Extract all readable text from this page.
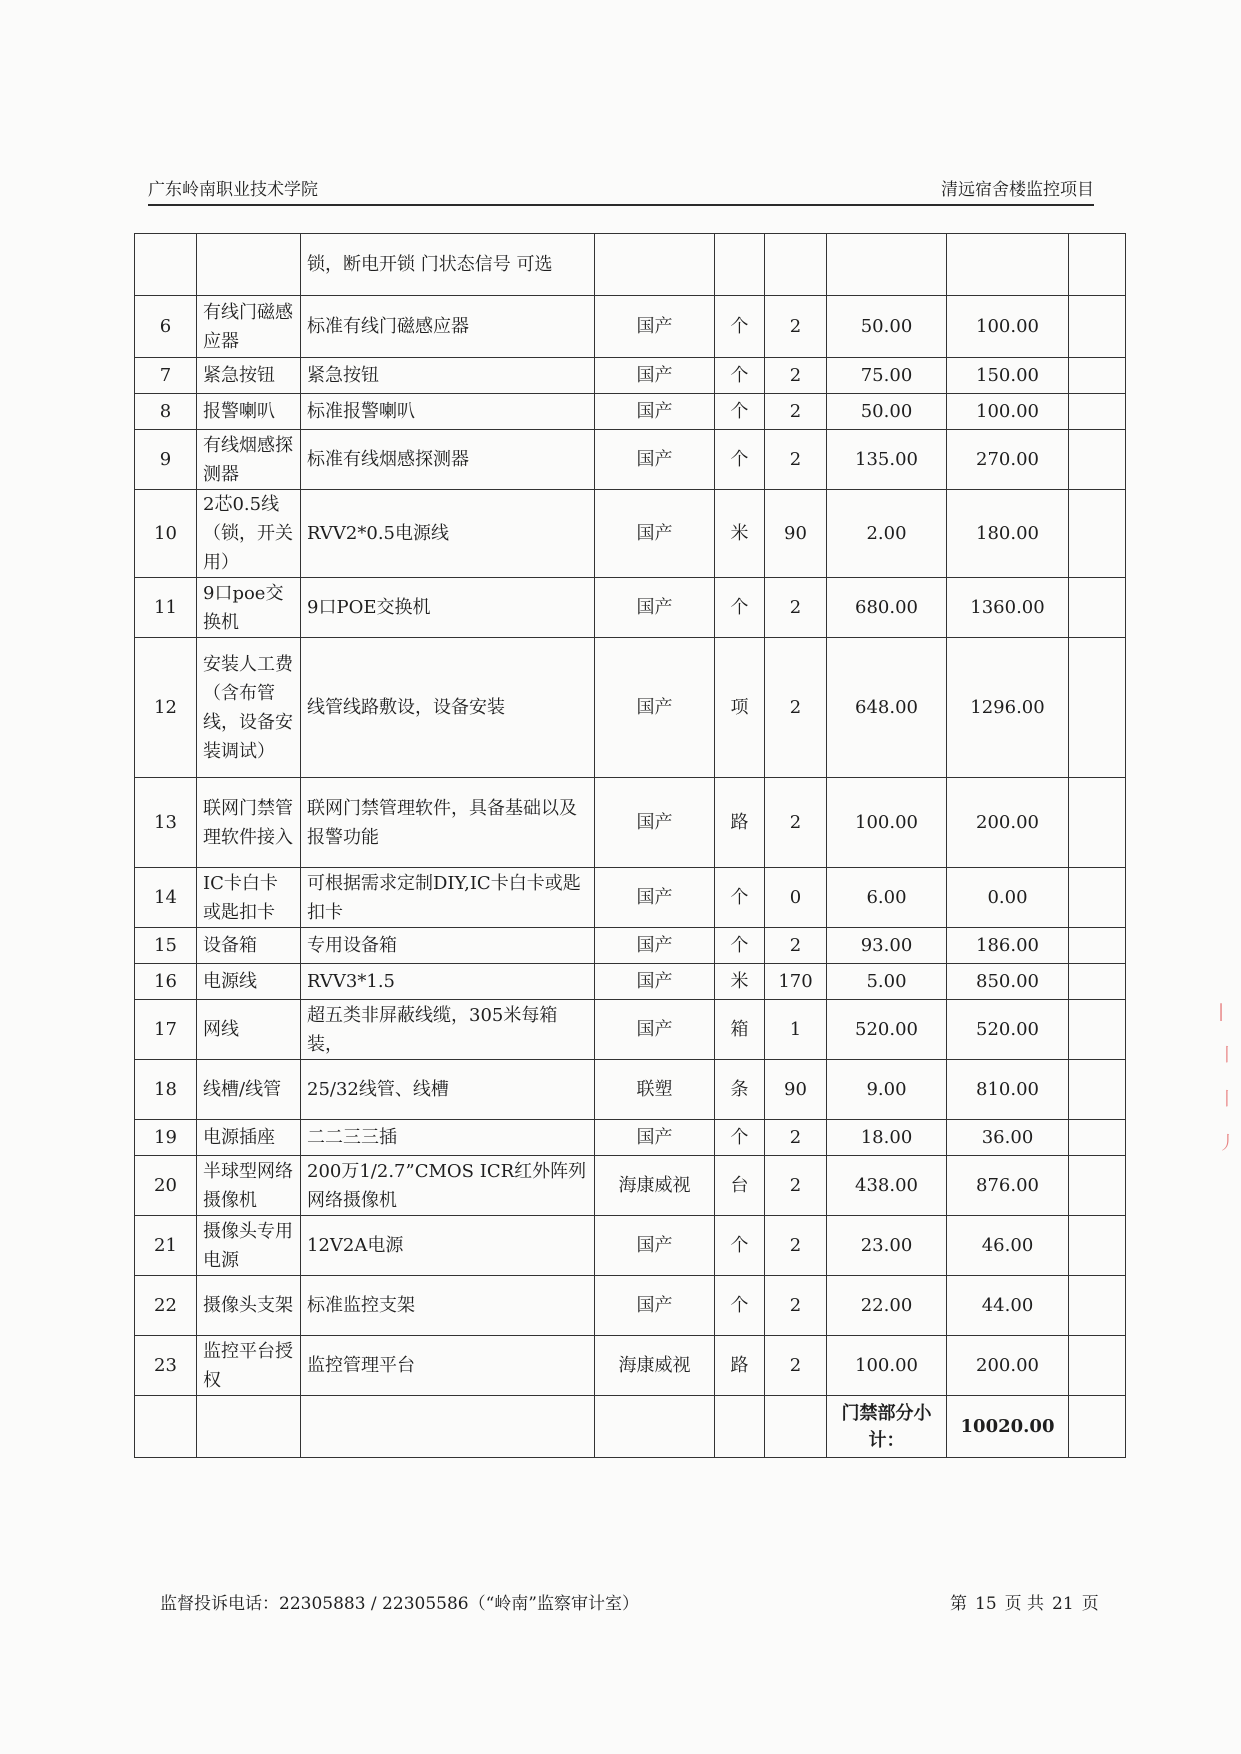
广东岭南职业技术学院	清远宿舍楼监控项目
		锁，断电开锁 门状态信号 可选						
6	有线门磁感应器	标准有线门磁感应器	国产	个	2	50.00	100.00	
7	紧急按钮	紧急按钮	国产	个	2	75.00	150.00	
8	报警喇叭	标准报警喇叭	国产	个	2	50.00	100.00	
9	有线烟感探测器	标准有线烟感探测器	国产	个	2	135.00	270.00	
10	2芯0.5线（锁，开关用）	RVV2*0.5电源线	国产	米	90	2.00	180.00	
11	9口poe交换机	9口POE交换机	国产	个	2	680.00	1360.00	
12	安装人工费（含布管线，设备安装调试）	线管线路敷设，设备安装	国产	项	2	648.00	1296.00	
13	联网门禁管理软件接入	联网门禁管理软件，具备基础以及报警功能	国产	路	2	100.00	200.00	
14	IC卡白卡或匙扣卡	可根据需求定制DIY,IC卡白卡或匙扣卡	国产	个	0	6.00	0.00	
15	设备箱	专用设备箱	国产	个	2	93.00	186.00	
16	电源线	RVV3*1.5	国产	米	170	5.00	850.00	
17	网线	超五类非屏蔽线缆，305米每箱装，	国产	箱	1	520.00	520.00	
18	线槽/线管	25/32线管、线槽	联塑	条	90	9.00	810.00	
19	电源插座	二二三三插	国产	个	2	18.00	36.00	
20	半球型网络摄像机	200万1/2.7”CMOS ICR红外阵列网络摄像机	海康威视	台	2	438.00	876.00	
21	摄像头专用电源	12V2A电源	国产	个	2	23.00	46.00	
22	摄像头支架	标准监控支架	国产	个	2	22.00	44.00	
23	监控平台授权	监控管理平台	海康威视	路	2	100.00	200.00	
						门禁部分小计：	10020.00	
监督投诉电话：22305883 / 22305586（“岭南”监察审计室）	第 15 页 共 21 页
| 丨 ⼁ 丿
